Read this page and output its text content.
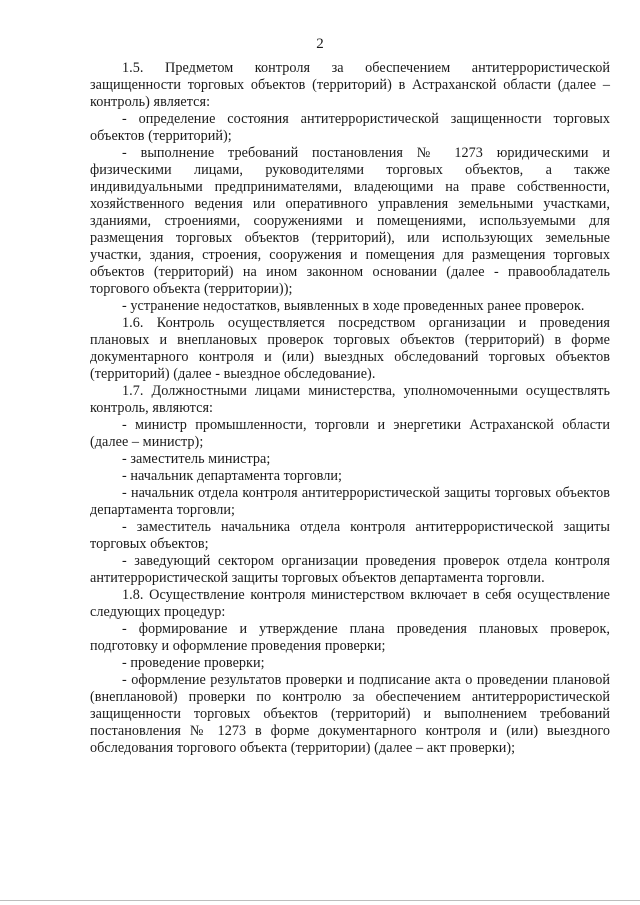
2

1.5. Предметом контроля за обеспечением антитеррористической защищенности торговых объектов (территорий) в Астраханской области (далее – контроль) является:

- определение состояния антитеррористической защищенности торговых объектов (территорий);

- выполнение требований постановления № 1273 юридическими и физическими лицами, руководителями торговых объектов, а также индивидуальными предпринимателями, владеющими на праве собственности, хозяйственного ведения или оперативного управления земельными участками, зданиями, строениями, сооружениями и помещениями, используемыми для размещения торговых объектов (территорий), или использующих земельные участки, здания, строения, сооружения и помещения для размещения торговых объектов (территорий) на ином законном основании (далее - правообладатель торгового объекта (территории));

- устранение недостатков, выявленных в ходе проведенных ранее проверок.

1.6. Контроль осуществляется посредством организации и проведения плановых и внеплановых проверок торговых объектов (территорий) в форме документарного контроля и (или) выездных обследований торговых объектов (территорий) (далее - выездное обследование).

1.7. Должностными лицами министерства, уполномоченными осуществлять контроль, являются:

- министр промышленности, торговли и энергетики Астраханской области (далее – министр);

- заместитель министра;

- начальник департамента торговли;

- начальник отдела контроля антитеррористической защиты торговых объектов департамента торговли;

- заместитель начальника отдела контроля антитеррористической защиты торговых объектов;

- заведующий сектором организации проведения проверок отдела контроля антитеррористической защиты торговых объектов департамента торговли.

1.8. Осуществление контроля министерством включает в себя осуществление следующих процедур:

- формирование и утверждение плана проведения плановых проверок, подготовку и оформление проведения проверки;

- проведение проверки;

- оформление результатов проверки и подписание акта о проведении плановой (внеплановой) проверки по контролю за обеспечением антитеррористической защищенности торговых объектов (территорий) и выполнением требований постановления № 1273 в форме документарного контроля и (или) выездного обследования торгового объекта (территории) (далее – акт проверки);
